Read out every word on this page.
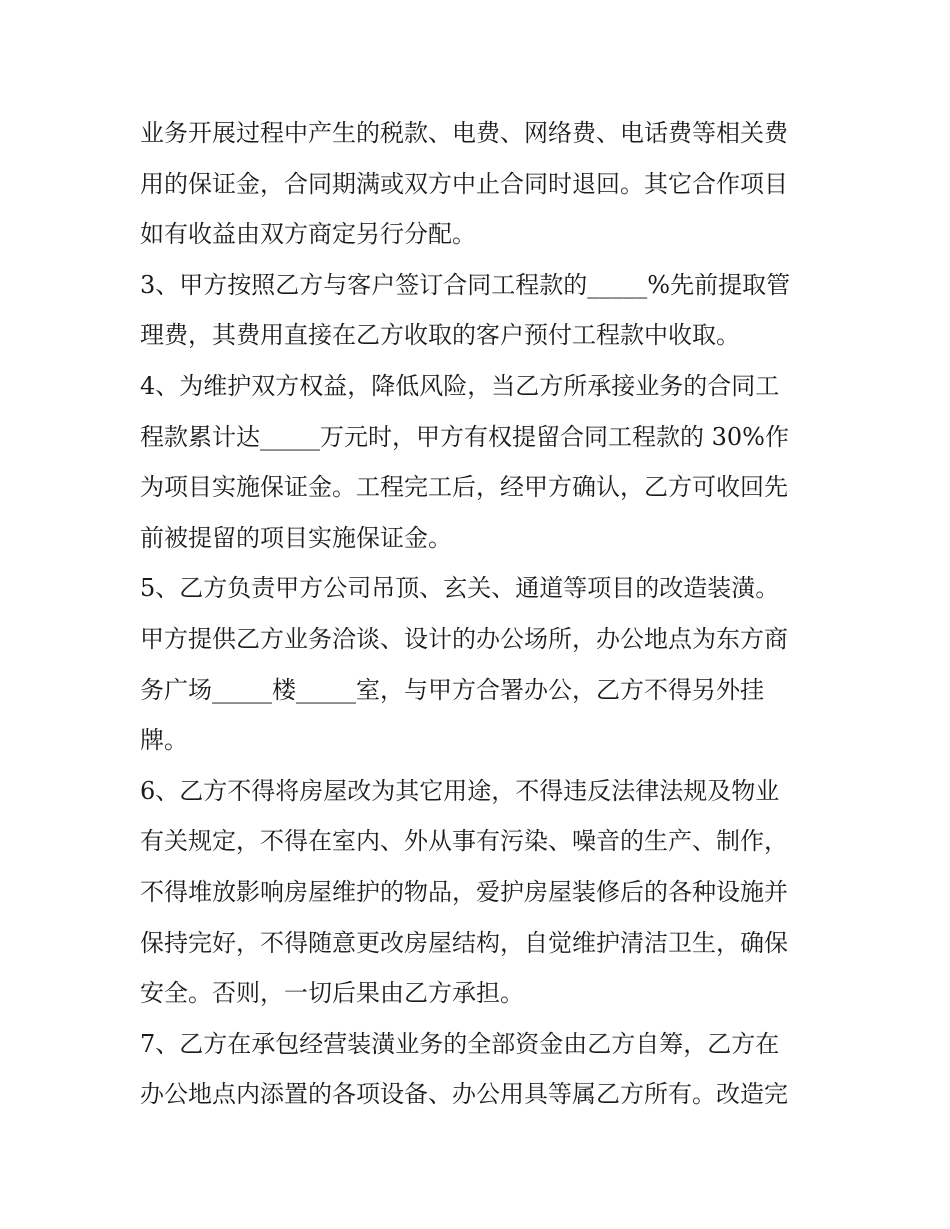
业务开展过程中产生的税款、电费、网络费、电话费等相关费
用的保证金，合同期满或双方中止合同时退回。其它合作项目
如有收益由双方商定另行分配。
3、甲方按照乙方与客户签订合同工程款的_____%先前提取管
理费，其费用直接在乙方收取的客户预付工程款中收取。
4、为维护双方权益，降低风险，当乙方所承接业务的合同工
程款累计达_____万元时，甲方有权提留合同工程款的 30%作
为项目实施保证金。工程完工后，经甲方确认，乙方可收回先
前被提留的项目实施保证金。
5、乙方负责甲方公司吊顶、玄关、通道等项目的改造装潢。
甲方提供乙方业务洽谈、设计的办公场所，办公地点为东方商
务广场_____楼_____室，与甲方合署办公，乙方不得另外挂
牌。
6、乙方不得将房屋改为其它用途，不得违反法律法规及物业
有关规定，不得在室内、外从事有污染、噪音的生产、制作，
不得堆放影响房屋维护的物品，爱护房屋装修后的各种设施并
保持完好，不得随意更改房屋结构，自觉维护清洁卫生，确保
安全。否则，一切后果由乙方承担。
7、乙方在承包经营装潢业务的全部资金由乙方自筹，乙方在
办公地点内添置的各项设备、办公用具等属乙方所有。改造完
